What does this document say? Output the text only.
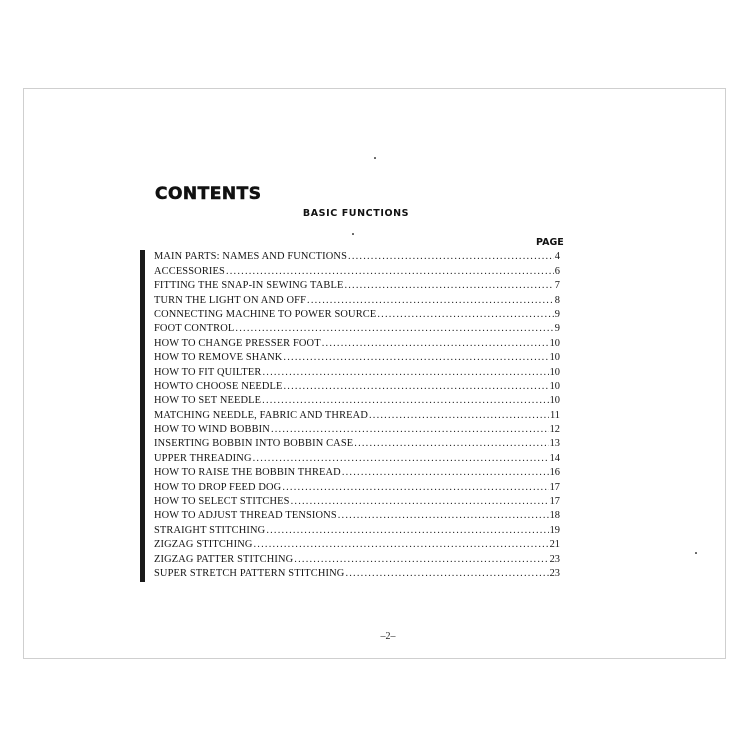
CONTENTS
BASIC FUNCTIONS
PAGE
MAIN PARTS: NAMES AND FUNCTIONS .....	4
ACCESSORIES .....	6
FITTING THE SNAP-IN SEWING TABLE .....	7
TURN THE LIGHT ON AND OFF .....	8
CONNECTING MACHINE TO POWER SOURCE .....	9
FOOT CONTROL .....	9
HOW TO CHANGE PRESSER FOOT .....	10
HOW TO REMOVE SHANK .....	10
HOW TO FIT QUILTER .....	10
HOWTO CHOOSE NEEDLE .....	10
HOW TO SET NEEDLE .....	10
MATCHING NEEDLE, FABRIC AND THREAD .....	11
HOW TO WIND BOBBIN .....	12
INSERTING BOBBIN INTO BOBBIN CASE .....	13
UPPER THREADING .....	14
HOW TO RAISE THE BOBBIN THREAD .....	16
HOW TO DROP FEED DOG .....	17
HOW TO SELECT STITCHES .....	17
HOW TO ADJUST THREAD TENSIONS .....	18
STRAIGHT STITCHING .....	19
ZIGZAG STITCHING .....	21
ZIGZAG PATTER STITCHING .....	23
SUPER STRETCH PATTERN STITCHING .....	23
–2–
